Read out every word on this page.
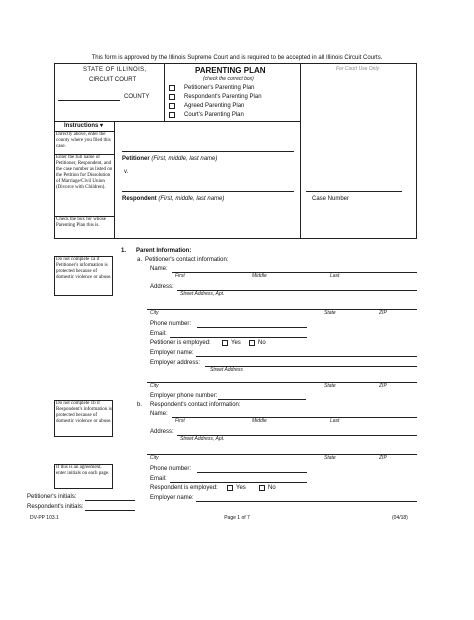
This form is approved by the Illinois Supreme Court and is required to be accepted in all Illinois Circuit Courts.
STATE OF ILLINOIS,
CIRCUIT COURT
COUNTY
PARENTING PLAN
(check the correct box)
Petitioner's Parenting Plan
Respondent's Parenting Plan
Agreed Parenting Plan
Court's Parenting Plan
For Court Use Only
Instructions ▾
Directly above, enter the county where you filed this case.
Enter the full name of Petitioner, Respondent, and the case number as listed on the Petition for Dissolution of Marriage/Civil Union (Divorce with Children).
Check the box for whose Parenting Plan this is.
Petitioner (First, middle, last name)
v.
Respondent (First, middle, last name)	Case Number
1. Parent Information:
a. Petitioner's contact information:
Do not complete 1a if Petitioner's information is protected because of domestic violence or abuse.
Name:
First	Middle	Last
Address:
Street Address, Apt.
City	State	ZIP
Phone number:
Email:
Petitioner is employed:	Yes	No
Employer name:
Employer address:
Street Address
City	State	ZIP
Employer phone number:
Do not complete 1b if Respondent's information is protected because of domestic violence or abuse.
b. Respondent's contact information:
Name:
First	Middle	Last
Address:
Street Address, Apt.
City	State	ZIP
If this is an agreement, enter initials on each page.
Phone number:
Email:
Respondent is employed:	Yes	No
Employer name:
Petitioner's initials:
Respondent's initials:
DV-PP 103.1	Page 1 of 7	(04/18)
